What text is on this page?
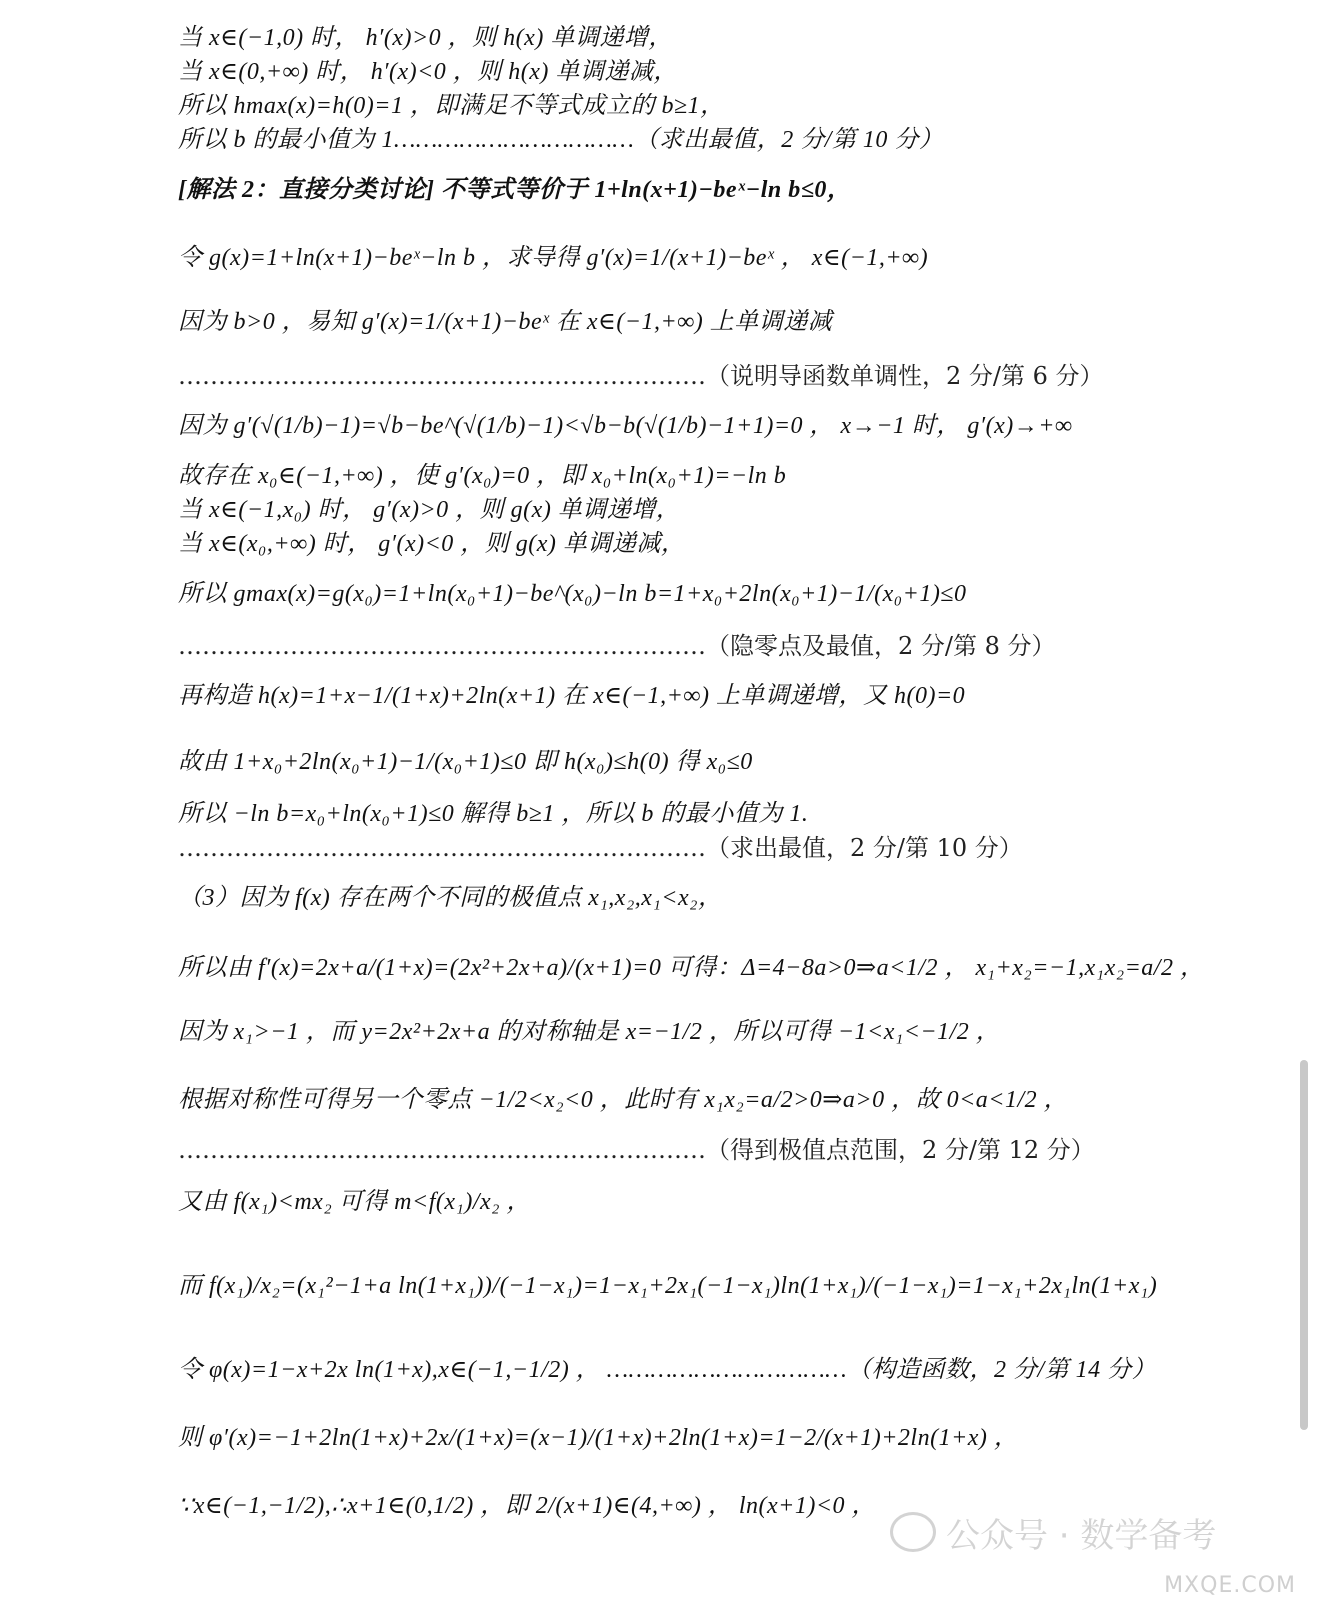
当 x∈(−1,0) 时， h′(x)>0 ，则 h(x) 单调递增，
当 x∈(0,+∞) 时， h′(x)<0 ，则 h(x) 单调递减，
所以 hmax(x)=h(0)=1 ，即满足不等式成立的 b≥1，
所以 b 的最小值为 1……………………………（求出最值，2 分/第 10 分）
[解法 2：直接分类讨论] 不等式等价于 1+ln(x+1)−beˣ−ln b≤0，
令 g(x)=1+ln(x+1)−beˣ−ln b ，求导得 g′(x)=1/(x+1)−beˣ ， x∈(−1,+∞)
因为 b>0 ，易知 g′(x)=1/(x+1)−beˣ 在 x∈(−1,+∞) 上单调递减
…………………………………………………………（说明导函数单调性，2 分/第 6 分）
因为 g′(√(1/b)−1)=√b−be^(√(1/b)−1)<√b−b(√(1/b)−1+1)=0 ， x→−1 时， g′(x)→+∞
故存在 x₀∈(−1,+∞) ，使 g′(x₀)=0 ，即 x₀+ln(x₀+1)=−ln b
当 x∈(−1,x₀) 时， g′(x)>0 ，则 g(x) 单调递增，
当 x∈(x₀,+∞) 时， g′(x)<0 ，则 g(x) 单调递减，
所以 gmax(x)=g(x₀)=1+ln(x₀+1)−be^(x₀)−ln b=1+x₀+2ln(x₀+1)−1/(x₀+1)≤0
…………………………………………………………（隐零点及最值，2 分/第 8 分）
再构造 h(x)=1+x−1/(1+x)+2ln(x+1) 在 x∈(−1,+∞) 上单调递增，又 h(0)=0
故由 1+x₀+2ln(x₀+1)−1/(x₀+1)≤0 即 h(x₀)≤h(0) 得 x₀≤0
所以 −ln b=x₀+ln(x₀+1)≤0 解得 b≥1 ，所以 b 的最小值为 1.
…………………………………………………………（求出最值，2 分/第 10 分）
（3）因为 f(x) 存在两个不同的极值点 x₁,x₂,x₁<x₂，
所以由 f′(x)=2x+a/(1+x)=(2x²+2x+a)/(x+1)=0 可得：Δ=4−8a>0⇒a<1/2 ， x₁+x₂=−1,x₁x₂=a/2 ，
因为 x₁>−1 ，而 y=2x²+2x+a 的对称轴是 x=−1/2 ，所以可得 −1<x₁<−1/2 ，
根据对称性可得另一个零点 −1/2<x₂<0 ，此时有 x₁x₂=a/2>0⇒a>0 ，故 0<a<1/2 ，
…………………………………………………………（得到极值点范围，2 分/第 12 分）
又由 f(x₁)<mx₂ 可得 m<f(x₁)/x₂ ，
而 f(x₁)/x₂=(x₁²−1+a ln(1+x₁))/(−1−x₁)=1−x₁+2x₁(−1−x₁)ln(1+x₁)/(−1−x₁)=1−x₁+2x₁ln(1+x₁)
令 φ(x)=1−x+2x ln(1+x),x∈(−1,−1/2) ， ……………………………（构造函数，2 分/第 14 分）
则 φ′(x)=−1+2ln(1+x)+2x/(1+x)=(x−1)/(1+x)+2ln(1+x)=1−2/(x+1)+2ln(1+x) ，
∵x∈(−1,−1/2),∴x+1∈(0,1/2) ，即 2/(x+1)∈(4,+∞) ， ln(x+1)<0 ，
公众号 · 数学备考
MXQE.COM
